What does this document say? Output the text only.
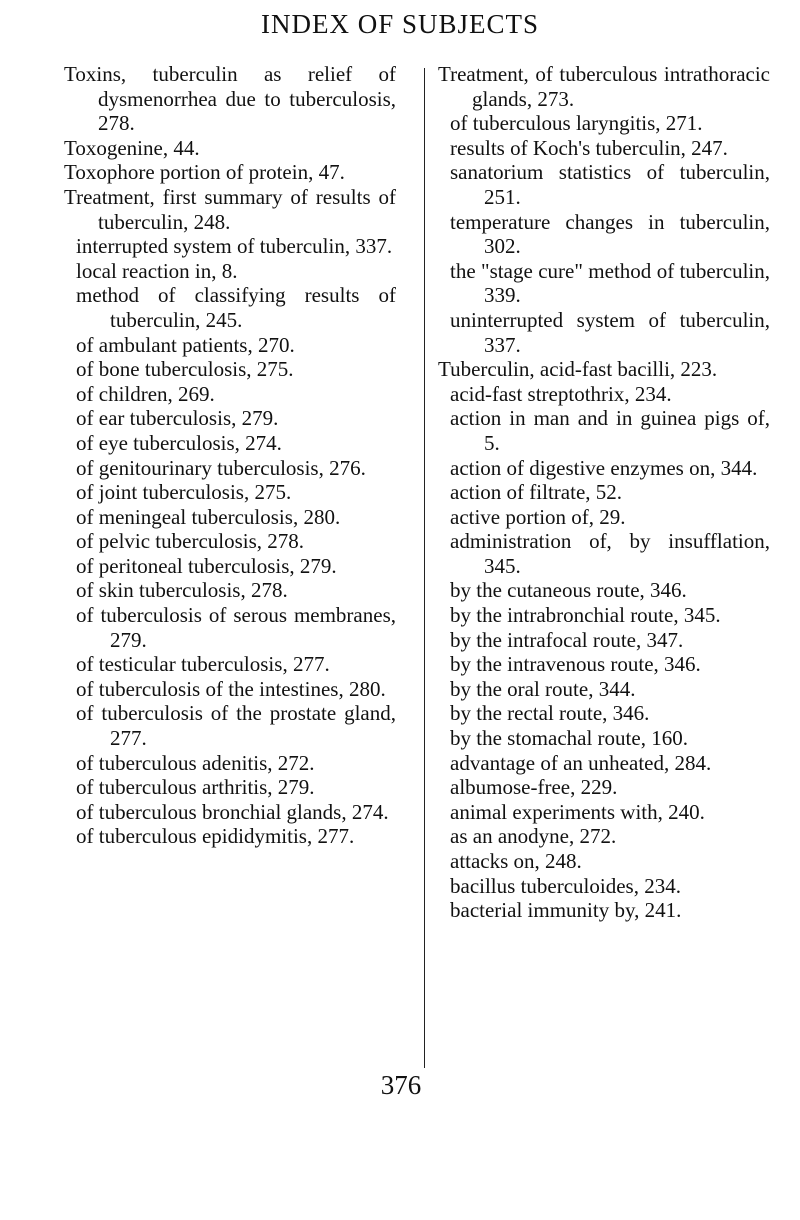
INDEX OF SUBJECTS

Toxins, tuberculin as relief of dysmenorrhea due to tuberculosis, 278.

Toxogenine, 44.

Toxophore portion of protein, 47.

Treatment, first summary of results of tuberculin, 248.

interrupted system of tuberculin, 337.

local reaction in, 8.

method of classifying results of tuberculin, 245.

of ambulant patients, 270.

of bone tuberculosis, 275.

of children, 269.

of ear tuberculosis, 279.

of eye tuberculosis, 274.

of genitourinary tuberculosis, 276.

of joint tuberculosis, 275.

of meningeal tuberculosis, 280.

of pelvic tuberculosis, 278.

of peritoneal tuberculosis, 279.

of skin tuberculosis, 278.

of tuberculosis of serous membranes, 279.

of testicular tuberculosis, 277.

of tuberculosis of the intestines, 280.

of tuberculosis of the prostate gland, 277.

of tuberculous adenitis, 272.

of tuberculous arthritis, 279.

of tuberculous bronchial glands, 274.

of tuberculous epididymitis, 277.

Treatment, of tuberculous intrathoracic glands, 273.

of tuberculous laryngitis, 271.

results of Koch's tuberculin, 247.

sanatorium statistics of tuberculin, 251.

temperature changes in tuberculin, 302.

the "stage cure" method of tuberculin, 339.

uninterrupted system of tuberculin, 337.

Tuberculin, acid-fast bacilli, 223.

acid-fast streptothrix, 234.

action in man and in guinea pigs of, 5.

action of digestive enzymes on, 344.

action of filtrate, 52.

active portion of, 29.

administration of, by insufflation, 345.

by the cutaneous route, 346.

by the intrabronchial route, 345.

by the intrafocal route, 347.

by the intravenous route, 346.

by the oral route, 344.

by the rectal route, 346.

by the stomachal route, 160.

advantage of an unheated, 284.

albumose-free, 229.

animal experiments with, 240.

as an anodyne, 272.

attacks on, 248.

bacillus tuberculoides, 234.

bacterial immunity by, 241.

376
